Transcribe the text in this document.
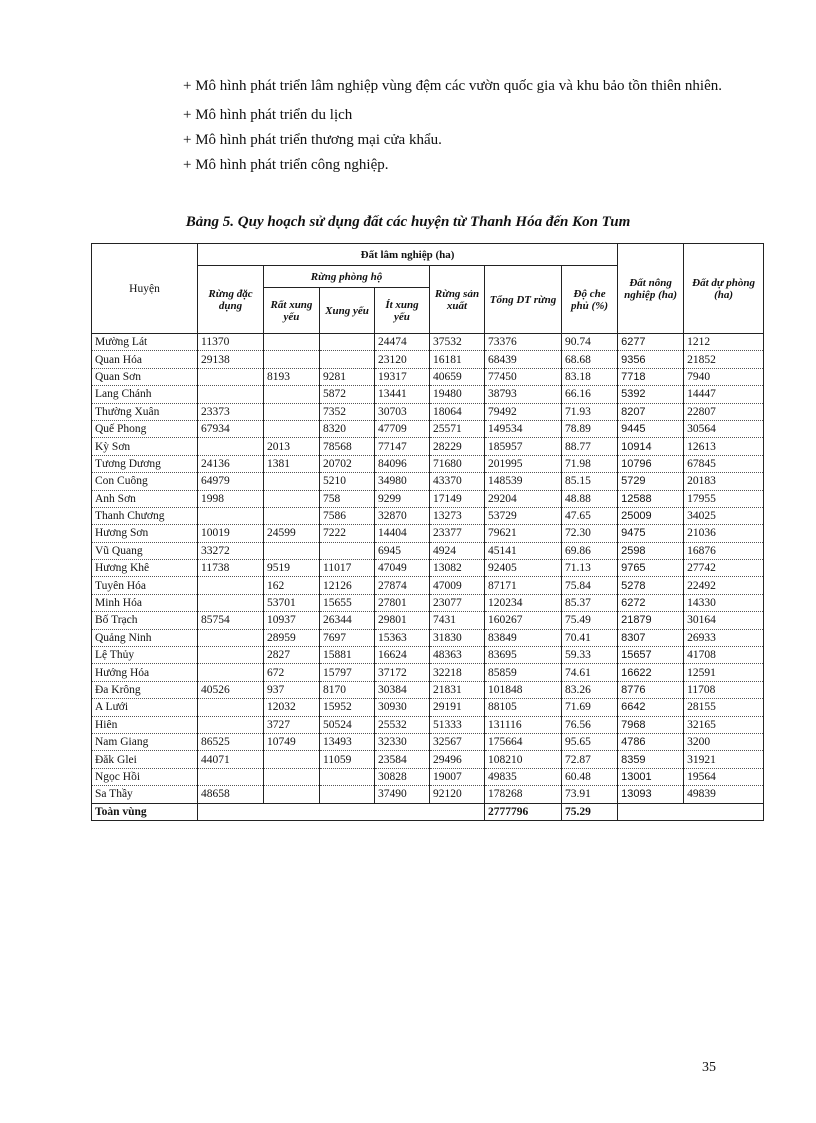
+ Mô hình phát triển lâm nghiệp vùng đệm các vườn quốc gia và khu bảo tồn thiên nhiên.

+ Mô hình phát triển du lịch

+ Mô hình phát triển thương mại cửa khẩu.

+ Mô hình phát triển công nghiệp.

Bảng 5. Quy hoạch sử dụng đất các huyện từ Thanh Hóa đến Kon Tum
Huyện	Đất lâm nghiệp (ha)							Đất nông nghiệp (ha)	Đất dự phòng (ha)
	Rừng đặc dụng	Rừng phòng hộ			Rừng sản xuất	Tổng DT rừng	Độ che phủ (%)		
		Rất xung yếu	Xung yếu	Ít xung yếu					
Mường Lát	11370			24474	37532	73376	90.74	6277	1212
Quan Hóa	29138			23120	16181	68439	68.68	9356	21852
Quan Sơn		8193	9281	19317	40659	77450	83.18	7718	7940
Lang Chánh			5872	13441	19480	38793	66.16	5392	14447
Thường Xuân	23373		7352	30703	18064	79492	71.93	8207	22807
Quế Phong	67934		8320	47709	25571	149534	78.89	9445	30564
Kỳ Sơn		2013	78568	77147	28229	185957	88.77	10914	12613
Tương Dương	24136	1381	20702	84096	71680	201995	71.98	10796	67845
Con Cuông	64979		5210	34980	43370	148539	85.15	5729	20183
Anh Sơn	1998		758	9299	17149	29204	48.88	12588	17955
Thanh Chương			7586	32870	13273	53729	47.65	25009	34025
Hương Sơn	10019	24599	7222	14404	23377	79621	72.30	9475	21036
Vũ Quang	33272			6945	4924	45141	69.86	2598	16876
Hương Khê	11738	9519	11017	47049	13082	92405	71.13	9765	27742
Tuyên Hóa		162	12126	27874	47009	87171	75.84	5278	22492
Minh Hóa		53701	15655	27801	23077	120234	85.37	6272	14330
Bố Trạch	85754	10937	26344	29801	7431	160267	75.49	21879	30164
Quảng Ninh		28959	7697	15363	31830	83849	70.41	8307	26933
Lệ Thủy		2827	15881	16624	48363	83695	59.33	15657	41708
Hướng Hóa		672	15797	37172	32218	85859	74.61	16622	12591
Đa Krông	40526	937	8170	30384	21831	101848	83.26	8776	11708
A Lưới		12032	15952	30930	29191	88105	71.69	6642	28155
Hiên		3727	50524	25532	51333	131116	76.56	7968	32165
Nam Giang	86525	10749	13493	32330	32567	175664	95.65	4786	3200
Đăk Glei	44071		11059	23584	29496	108210	72.87	8359	31921
Ngọc Hồi				30828	19007	49835	60.48	13001	19564
Sa Thầy	48658			37490	92120	178268	73.91	13093	49839
Toàn vùng						2777796	75.29		
35
